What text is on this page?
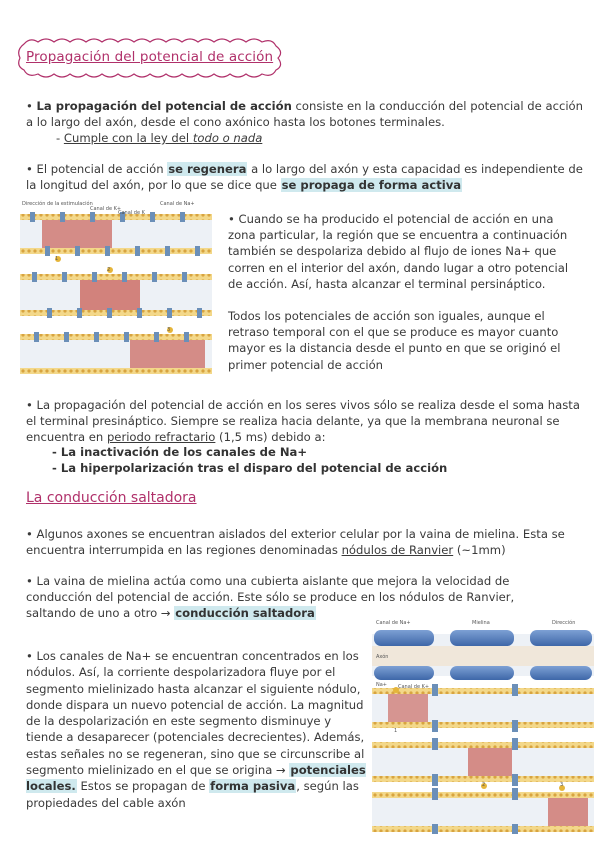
Propagación del potencial de acción
• La propagación del potencial de acción consiste en la conducción del potencial de acción a lo largo del axón, desde el cono axónico hasta los botones terminales.
- Cumple con la ley del todo o nada
• El potencial de acción se regenera a lo largo del axón y esta capacidad es independiente de la longitud del axón, por lo que se dice que se propaga de forma activa
Dirección de la estimulación
Canal de K+
Canal de K
Canal de Na+
1
2
3
• Cuando se ha producido el potencial de acción en una zona particular, la región que se encuentra a continuación también se despolariza debido al flujo de iones Na+ que corren en el interior del axón, dando lugar a otro potencial de acción. Así, hasta alcanzar el terminal persináptico.
Todos los potenciales de acción son iguales, aunque el retraso temporal con el que se produce es mayor cuanto mayor es la distancia desde el punto en que se originó el primer potencial de acción
• La propagación del potencial de acción en los seres vivos sólo se realiza desde el soma hasta el terminal presináptico. Siempre se realiza hacia delante, ya que la membrana neuronal se encuentra en periodo refractario (1,5 ms) debido a:
- La inactivación de los canales de Na+
- La hiperpolarización tras el disparo del potencial de acción
La conducción saltadora
• Algunos axones se encuentran aislados del exterior celular por la vaina de mielina. Esta se encuentra interrumpida en las regiones denominadas nódulos de Ranvier (~1mm)
• La vaina de mielina actúa como una cubierta aislante que mejora la velocidad de conducción del potencial de acción. Este sólo se produce en los nódulos de Ranvier, saltando de uno a otro → conducción saltadora
• Los canales de Na+ se encuentran concentrados en los nódulos. Así, la corriente despolarizadora fluye por el segmento mielinizado hasta alcanzar el siguiente nódulo, donde dispara un nuevo potencial de acción. La magnitud de la despolarización en este segmento disminuye y tiende a desaparecer (potenciales decrecientes). Además, estas señales no se regeneran, sino que se circunscribe al segmento mielinizado en el que se origina → potenciales locales. Estos se propagan de forma pasiva, según las propiedades del cable axón
Canal de Na+	Mielina	Dirección
Axón
Na+ Canal de K+
1
2	3
